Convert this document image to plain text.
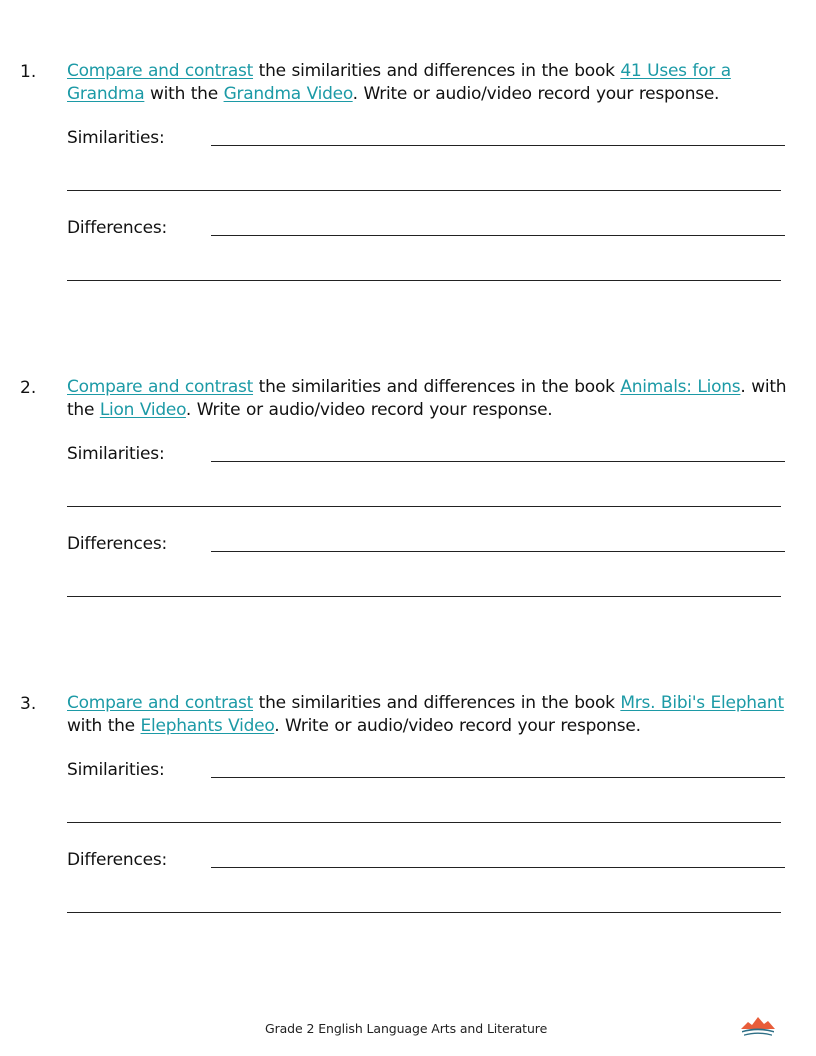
1. Compare and contrast the similarities and differences in the book 41 Uses for a Grandma with the Grandma Video. Write or audio/video record your response.
Similarities:
Differences:
2. Compare and contrast the similarities and differences in the book Animals: Lions. with the Lion Video. Write or audio/video record your response.
Similarities:
Differences:
3. Compare and contrast the similarities and differences in the book Mrs. Bibi's Elephant with the Elephants Video. Write or audio/video record your response.
Similarities:
Differences:
Grade 2 English Language Arts and Literature
